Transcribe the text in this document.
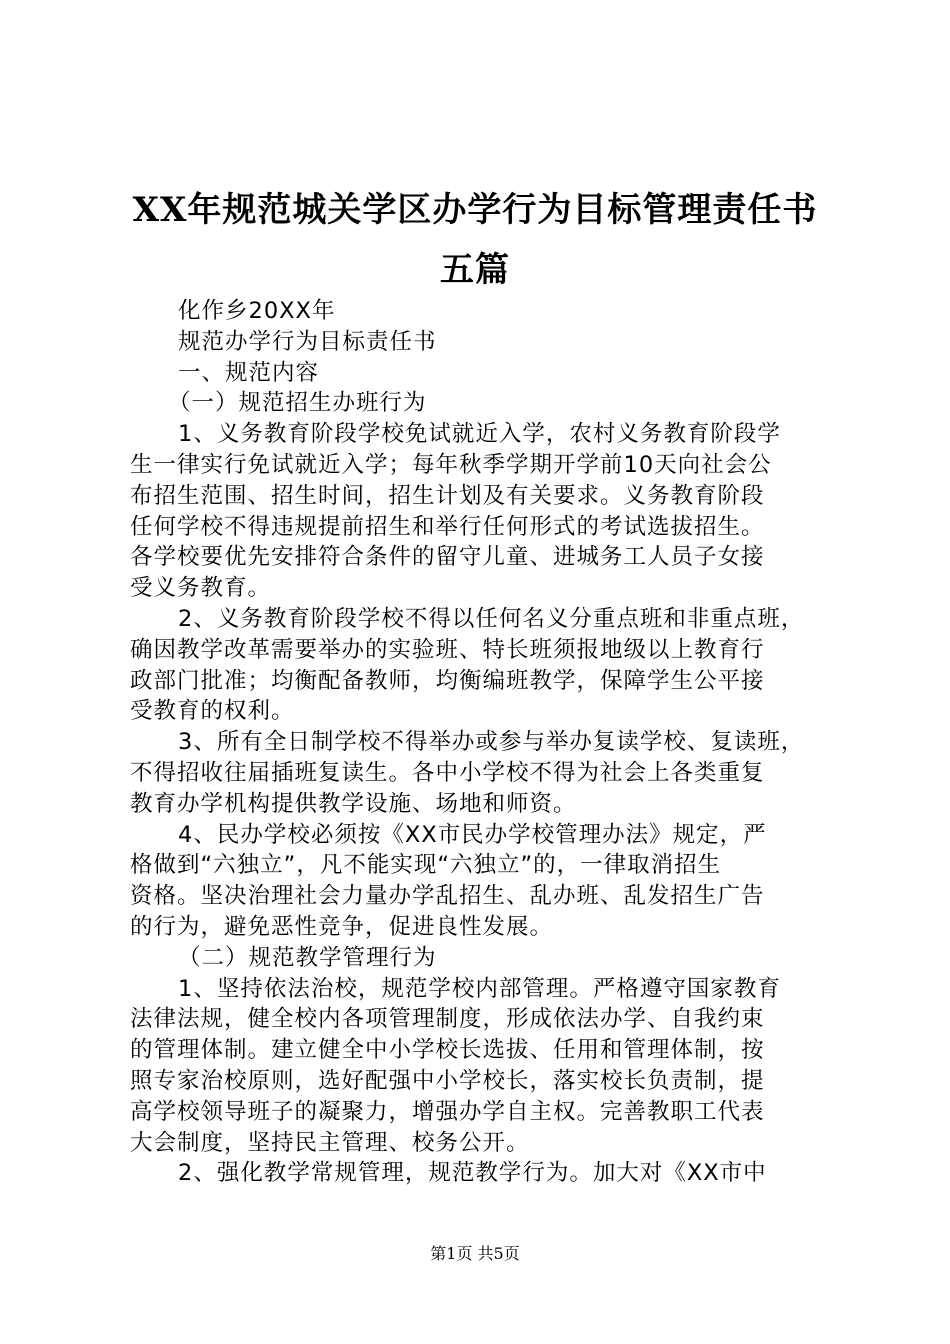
XX年规范城关学区办学行为目标管理责任书
五篇
化作乡20XX年
规范办学行为目标责任书
一、规范内容
（一）规范招生办班行为
1、义务教育阶段学校免试就近入学，农村义务教育阶段学
生一律实行免试就近入学；每年秋季学期开学前10天向社会公
布招生范围、招生时间，招生计划及有关要求。义务教育阶段
任何学校不得违规提前招生和举行任何形式的考试选拔招生。
各学校要优先安排符合条件的留守儿童、进城务工人员子女接
受义务教育。
2、义务教育阶段学校不得以任何名义分重点班和非重点班，
确因教学改革需要举办的实验班、特长班须报地级以上教育行
政部门批准；均衡配备教师，均衡编班教学，保障学生公平接
受教育的权利。
3、所有全日制学校不得举办或参与举办复读学校、复读班，
不得招收往届插班复读生。各中小学校不得为社会上各类重复
教育办学机构提供教学设施、场地和师资。
4、民办学校必须按《XX市民办学校管理办法》规定，严
格做到“六独立”，凡不能实现“六独立”的，一律取消招生
资格。坚决治理社会力量办学乱招生、乱办班、乱发招生广告
的行为，避免恶性竞争，促进良性发展。
（二）规范教学管理行为
1、坚持依法治校，规范学校内部管理。严格遵守国家教育
法律法规，健全校内各项管理制度，形成依法办学、自我约束
的管理体制。建立健全中小学校长选拔、任用和管理体制，按
照专家治校原则，选好配强中小学校长，落实校长负责制，提
高学校领导班子的凝聚力，增强办学自主权。完善教职工代表
大会制度，坚持民主管理、校务公开。
2、强化教学常规管理，规范教学行为。加大对《XX市中
第1页 共5页
